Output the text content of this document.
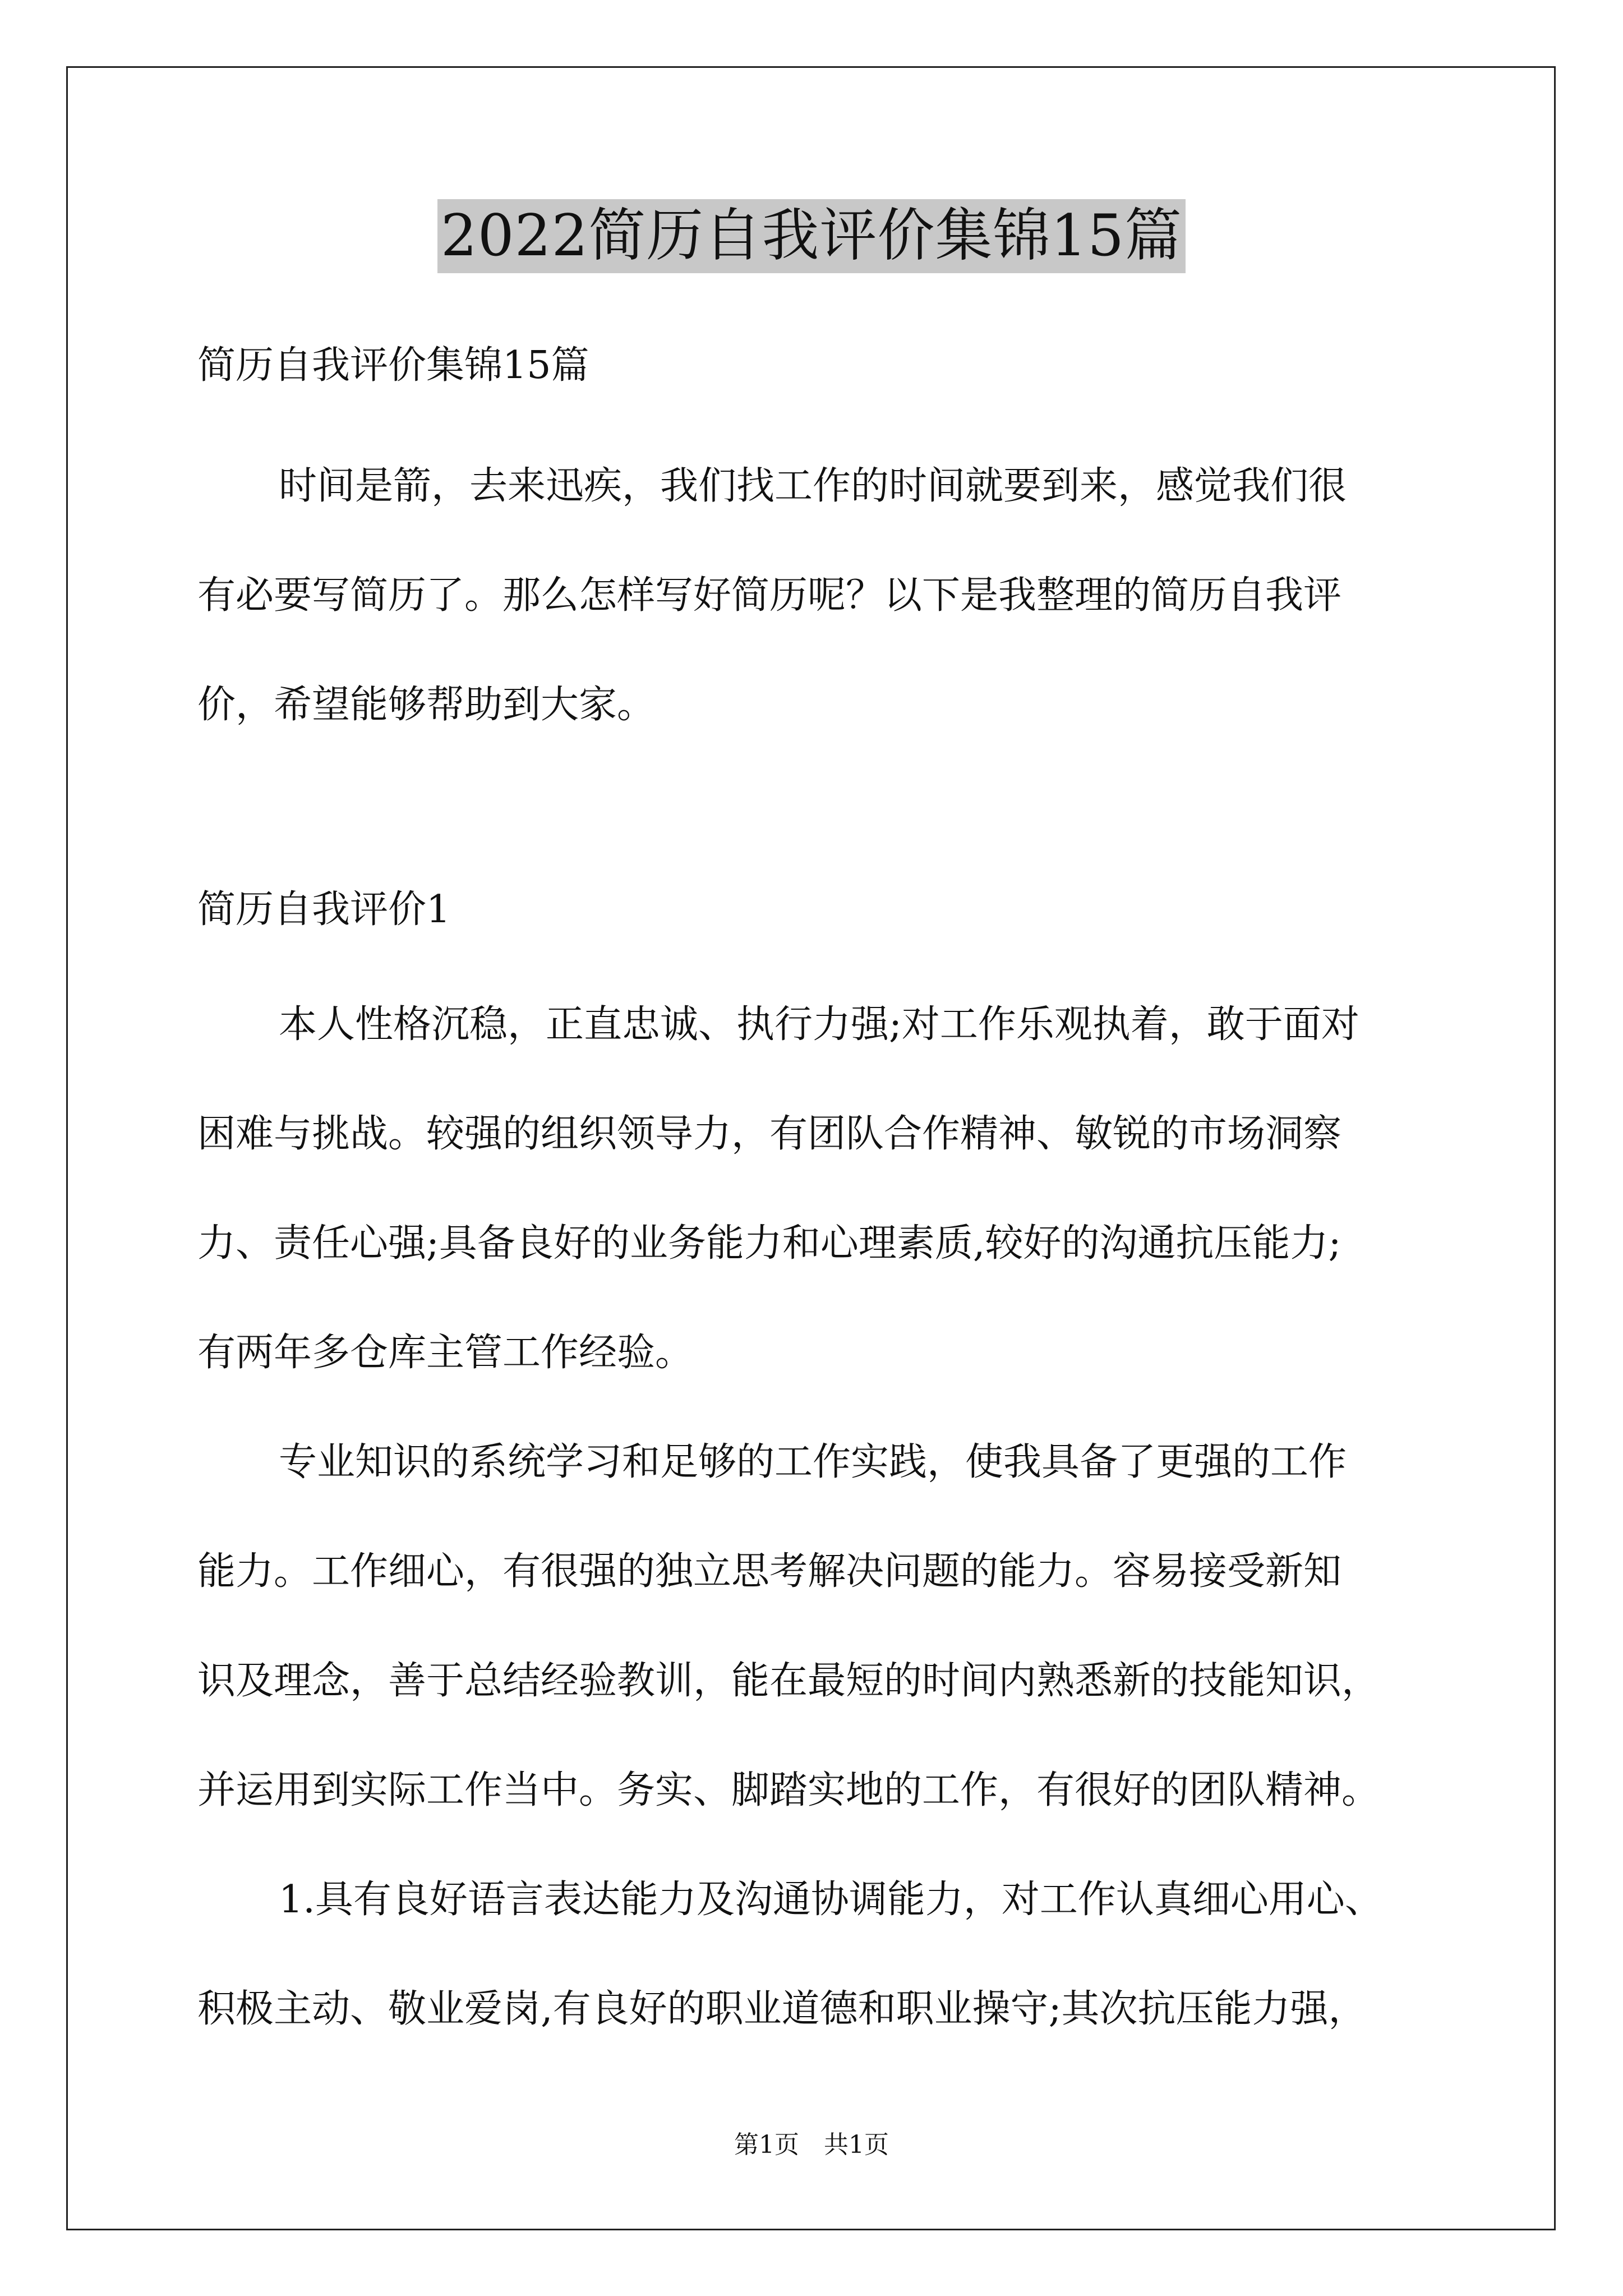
2022简历自我评价集锦15篇
简历自我评价集锦15篇
时间是箭，去来迅疾，我们找工作的时间就要到来，感觉我们很
有必要写简历了。那么怎样写好简历呢？以下是我整理的简历自我评
价，希望能够帮助到大家。
简历自我评价1
本人性格沉稳，正直忠诚、执行力强;对工作乐观执着，敢于面对
困难与挑战。较强的组织领导力，有团队合作精神、敏锐的市场洞察
力、责任心强;具备良好的业务能力和心理素质,较好的沟通抗压能力;
有两年多仓库主管工作经验。
专业知识的系统学习和足够的工作实践，使我具备了更强的工作
能力。工作细心，有很强的独立思考解决问题的能力。容易接受新知
识及理念，善于总结经验教训，能在最短的时间内熟悉新的技能知识，
并运用到实际工作当中。务实、脚踏实地的工作，有很好的团队精神。
1.具有良好语言表达能力及沟通协调能力，对工作认真细心用心、
积极主动、敬业爱岗,有良好的职业道德和职业操守;其次抗压能力强，
第1页　共1页
